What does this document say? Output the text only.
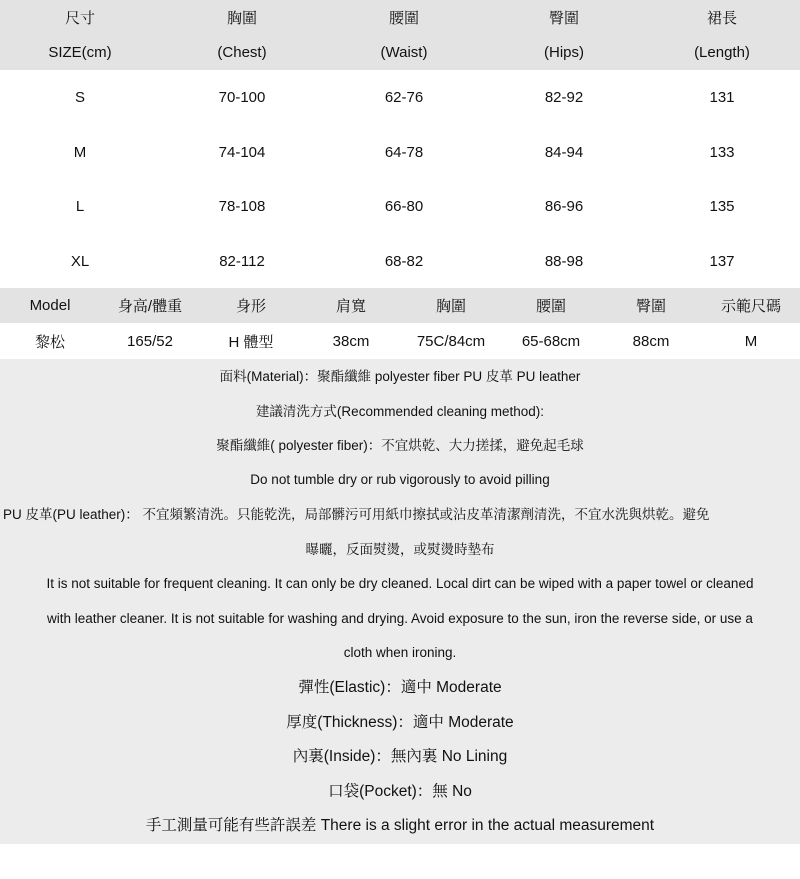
尺寸	胸圍	腰圍	臀圍	裙長
SIZE(cm)	(Chest)	(Waist)	(Hips)	(Length)
S	70-100	62-76	82-92	131
M	74-104	64-78	84-94	133
L	78-108	66-80	86-96	135
XL	82-112	68-82	88-98	137
Model	身高/體重	身形	肩寬	胸圍	腰圍	臀圍	示範尺碼
黎松	165/52	H 體型	38cm	75C/84cm	65-68cm	88cm	M
面料(Material)：聚酯纖維 polyester fiber PU 皮革 PU leather
建議清洗方式(Recommended cleaning method):
聚酯纖維( polyester fiber)：不宜烘乾、大力搓揉，避免起毛球
Do not tumble dry or rub vigorously to avoid pilling
PU 皮革(PU leather)： 不宜頻繁清洗。只能乾洗，局部髒污可用紙巾擦拭或沾皮革清潔劑清洗，不宜水洗與烘乾。避免
曝曬，反面熨燙，或熨燙時墊布
It is not suitable for frequent cleaning. It can only be dry cleaned. Local dirt can be wiped with a paper towel or cleaned
with leather cleaner. It is not suitable for washing and drying. Avoid exposure to the sun, iron the reverse side, or use a
cloth when ironing.
彈性(Elastic)：適中 Moderate
厚度(Thickness)：適中 Moderate
內裏(Inside)：無內裏 No Lining
口袋(Pocket)：無 No
手工測量可能有些許誤差 There is a slight error in the actual measurement
